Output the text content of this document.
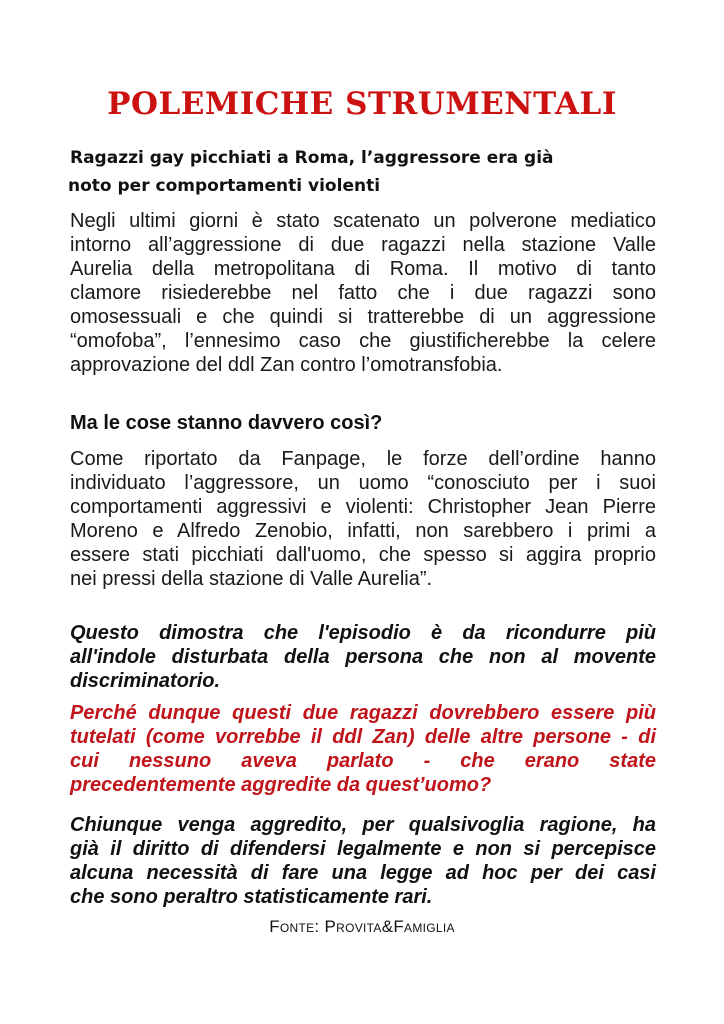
POLEMICHE STRUMENTALI
Ragazzi gay picchiati a Roma, l’aggressore era già
noto per comportamenti violenti
Negli ultimi giorni è stato scatenato un polverone mediatico
intorno all’aggressione di due ragazzi nella stazione Valle
Aurelia della metropolitana di Roma. Il motivo di tanto
clamore risiederebbe nel fatto che i due ragazzi sono
omosessuali e che quindi si tratterebbe di un aggressione
“omofoba”, l’ennesimo caso che giustificherebbe la celere
approvazione del ddl Zan contro l’omotransfobia.

Ma le cose stanno davvero così?

Come riportato da Fanpage, le forze dell’ordine hanno
individuato l’aggressore, un uomo “conosciuto per i suoi
comportamenti aggressivi e violenti: Christopher Jean Pierre
Moreno e Alfredo Zenobio, infatti, non sarebbero i primi a
essere stati picchiati dall'uomo, che spesso si aggira proprio
nei pressi della stazione di Valle Aurelia”.
Questo dimostra che l'episodio è da ricondurre più
all'indole disturbata della persona che non al movente
discriminatorio.
Perché dunque questi due ragazzi dovrebbero essere più
tutelati (come vorrebbe il ddl Zan) delle altre persone - di
cui nessuno aveva parlato - che erano state
precedentemente aggredite da quest’uomo?
Chiunque venga aggredito, per qualsivoglia ragione, ha
già il diritto di difendersi legalmente e non si percepisce
alcuna necessità di fare una legge ad hoc per dei casi
che sono peraltro statisticamente rari.

Fonte: Provita&Famiglia
